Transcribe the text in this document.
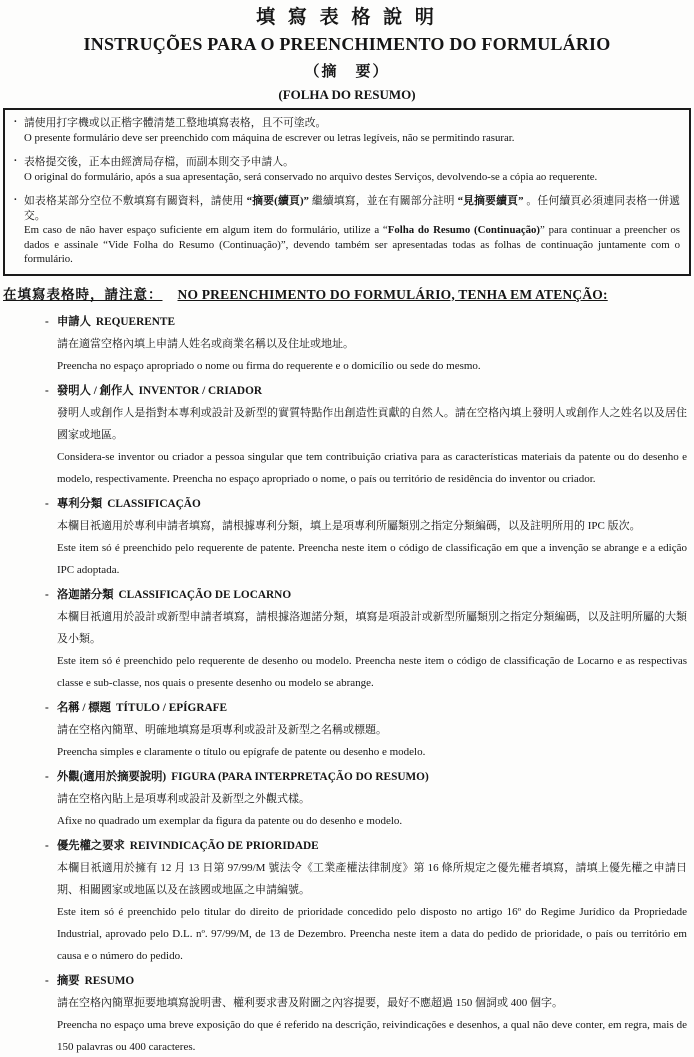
填 寫 表 格 說 明
INSTRUÇÕES PARA O PREENCHIMENTO DO FORMULÁRIO
（摘　要）
(FOLHA DO RESUMO)

. 請使用打字機或以正楷字體清楚工整地填寫表格，且不可塗改。

O presente formulário deve ser preenchido com máquina de escrever ou letras legíveis, não se permitindo rasurar.

. 表格提交後，正本由經濟局存檔，而副本則交予申請人。

O original do formulário, após a sua apresentação, será conservado no arquivo destes Serviços, devolvendo-se a cópia ao requerente.

. 如表格某部分空位不敷填寫有關資料，請使用 “摘要(續頁)” 繼續填寫，並在有關部分註明 “見摘要續頁” 。任何續頁必須連同表格一併遞交。

Em caso de não haver espaço suficiente em algum item do formulário, utilize a “Folha do Resumo (Continuação)” para continuar a preencher os dados e assinale “Vide Folha do Resumo (Continuação)”, devendo também ser apresentadas todas as folhas de continuação juntamente com o formulário.

在填寫表格時，請注意： NO PREENCHIMENTO DO FORMULÁRIO, TENHA EM ATENÇÃO:
- 申請人 REQUERENTE

請在適當空格內填上申請人姓名或商業名稱以及住址或地址。

Preencha no espaço apropriado o nome ou firma do requerente e o domicílio ou sede do mesmo.

- 發明人 / 創作人 INVENTOR / CRIADOR

發明人或創作人是指對本專利或設計及新型的實質特點作出創造性貢獻的自然人。請在空格內填上發明人或創作人之姓名以及居住國家或地區。

Considera-se inventor ou criador a pessoa singular que tem contribuição criativa para as características materiais da patente ou do desenho e modelo, respectivamente. Preencha no espaço apropriado o nome, o país ou território de residência do inventor ou criador.

- 專利分類 CLASSIFICAÇÃO

本欄目祇適用於專利申請者填寫，請根據專利分類，填上是項專利所屬類別之指定分類編碼，以及註明所用的 IPC 版次。

Este item só é preenchido pelo requerente de patente. Preencha neste item o código de classificação em que a invenção se abrange e a edição IPC adoptada.

- 洛迦諾分類 CLASSIFICAÇÃO DE LOCARNO

本欄目祇適用於設計或新型申請者填寫，請根據洛迦諾分類，填寫是項設計或新型所屬類別之指定分類編碼，以及註明所屬的大類及小類。

Este item só é preenchido pelo requerente de desenho ou modelo. Preencha neste item o código de classificação de Locarno e as respectivas classe e sub-classe, nos quais o presente desenho ou modelo se abrange.

- 名稱 / 標題 TÍTULO / EPÍGRAFE

請在空格內簡單、明確地填寫是項專利或設計及新型之名稱或標題。

Preencha simples e claramente o título ou epígrafe de patente ou desenho e modelo.

- 外觀(適用於摘要說明) FIGURA (PARA INTERPRETAÇÃO DO RESUMO)

請在空格內貼上是項專利或設計及新型之外觀式樣。

Afixe no quadrado um exemplar da figura da patente ou do desenho e modelo.

- 優先權之要求 REIVINDICAÇÃO DE PRIORIDADE

本欄目祇適用於擁有 12 月 13 日第 97/99/M 號法令《工業產權法律制度》第 16 條所規定之優先權者填寫，請填上優先權之申請日期、相關國家或地區以及在該國或地區之申請編號。

Este item só é preenchido pelo titular do direito de prioridade concedido pelo disposto no artigo 16º do Regime Jurídico da Propriedade Industrial, aprovado pelo D.L. nº. 97/99/M, de 13 de Dezembro. Preencha neste item a data do pedido de prioridade, o país ou território em causa e o número do pedido.

- 摘要 RESUMO

請在空格內簡單扼要地填寫說明書、權利要求書及附圖之內容提要，最好不應超過 150 個詞或 400 個字。

Preencha no espaço uma breve exposição do que é referido na descrição, reivindicações e desenhos, a qual não deve conter, em regra, mais de 150 palavras ou 400 caracteres.
